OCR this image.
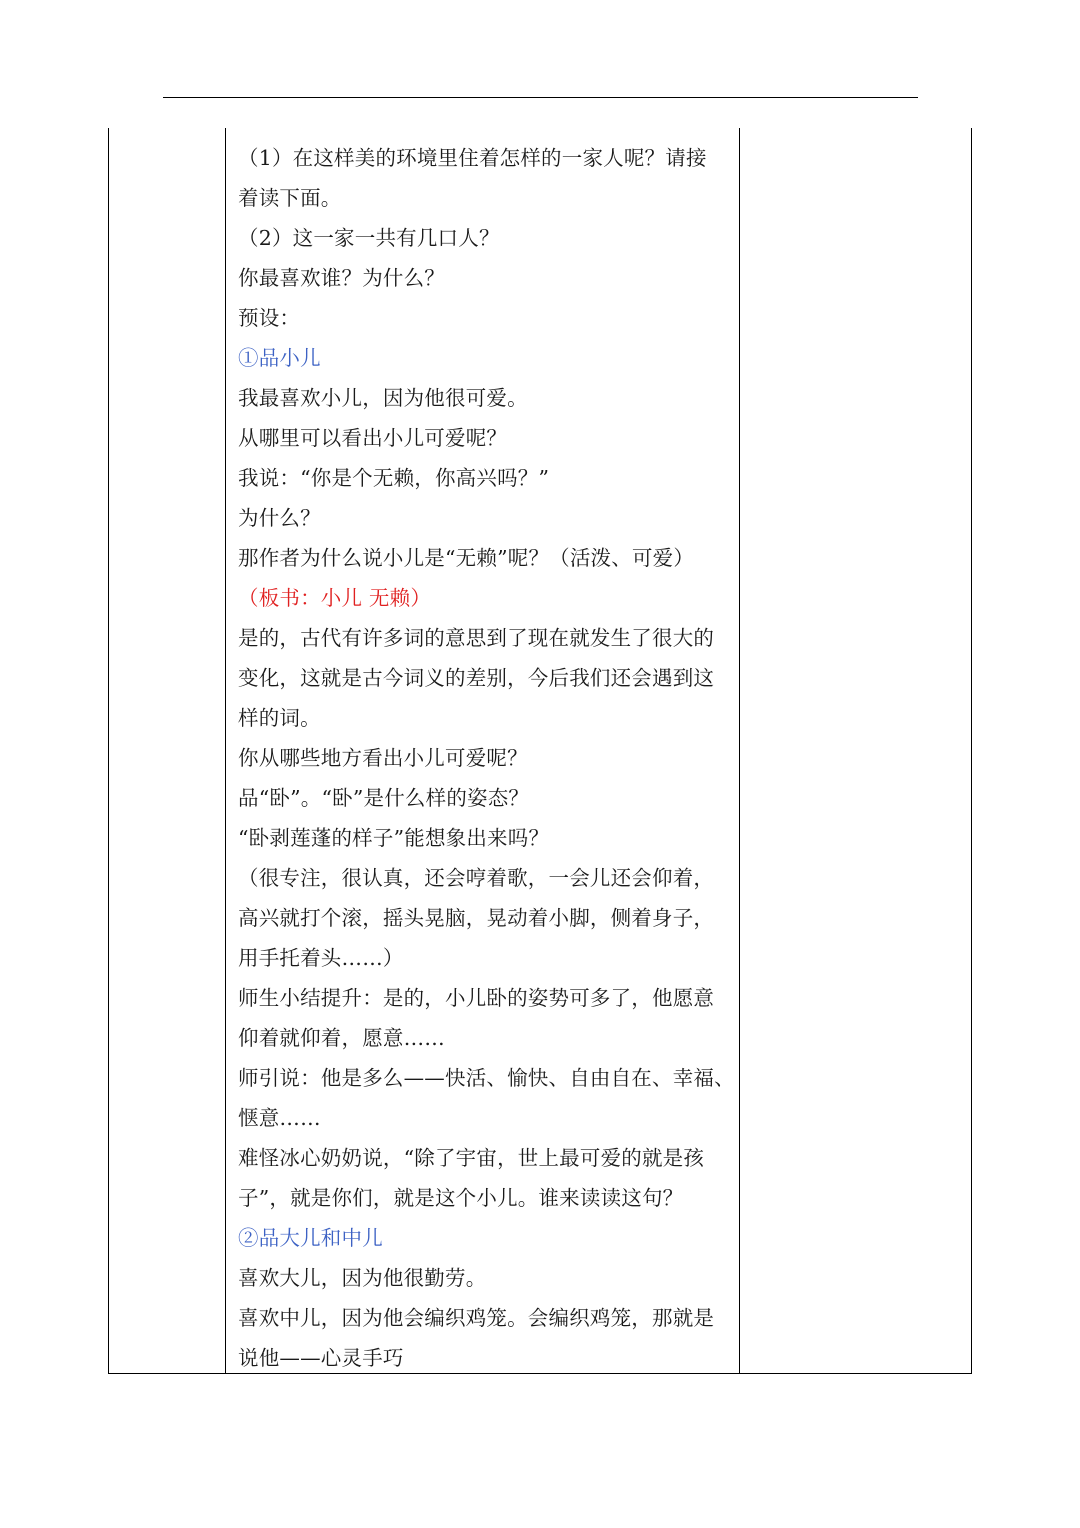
（1）在这样美的环境里住着怎样的一家人呢？请接
着读下面。
（2）这一家一共有几口人？
你最喜欢谁？为什么？
预设：
①品小儿
我最喜欢小儿，因为他很可爱。
从哪里可以看出小儿可爱呢？
我说：“你是个无赖，你高兴吗？”
为什么？
那作者为什么说小儿是“无赖”呢？（活泼、可爱）
（板书：小儿 无赖）
是的，古代有许多词的意思到了现在就发生了很大的
变化，这就是古今词义的差别，今后我们还会遇到这
样的词。
你从哪些地方看出小儿可爱呢？
品“卧”。“卧”是什么样的姿态？
“卧剥莲蓬的样子”能想象出来吗？
（很专注，很认真，还会哼着歌，一会儿还会仰着，
高兴就打个滚，摇头晃脑，晃动着小脚，侧着身子，
用手托着头……）
师生小结提升：是的，小儿卧的姿势可多了，他愿意
仰着就仰着，愿意……
师引说：他是多么——快活、愉快、自由自在、幸福、
惬意……
难怪冰心奶奶说，“除了宇宙，世上最可爱的就是孩
子”，就是你们，就是这个小儿。谁来读读这句？
②品大儿和中儿
喜欢大儿，因为他很勤劳。
喜欢中儿，因为他会编织鸡笼。会编织鸡笼，那就是
说他——心灵手巧
